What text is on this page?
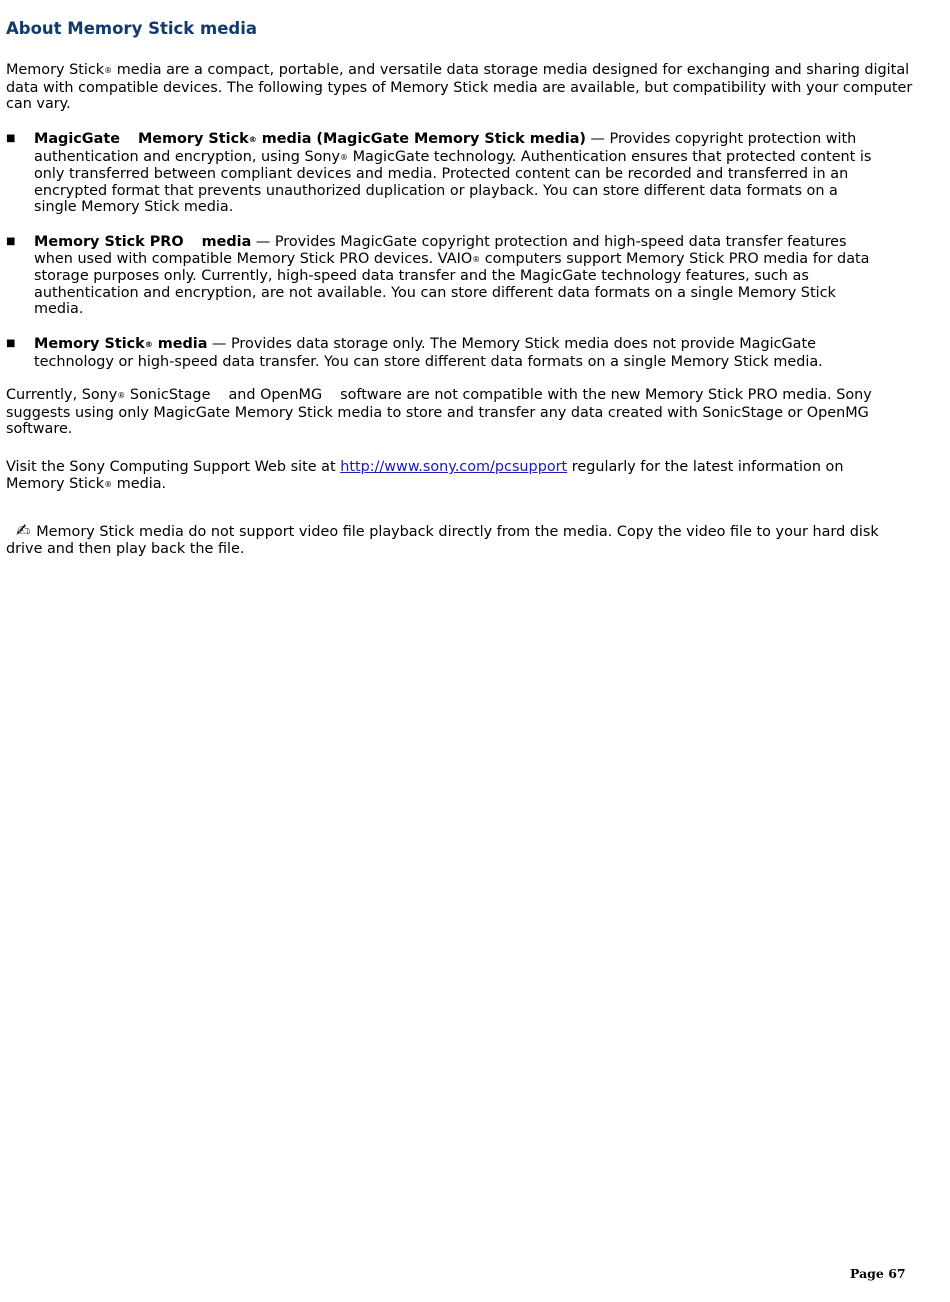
About Memory Stick media

Memory Stick® media are a compact, portable, and versatile data storage media designed for exchanging and sharing digital data with compatible devices. The following types of Memory Stick media are available, but compatibility with your computer can vary.

■ MagicGate Memory Stick® media (MagicGate Memory Stick media) — Provides copyright protection with authentication and encryption, using Sony® MagicGate technology. Authentication ensures that protected content is only transferred between compliant devices and media. Protected content can be recorded and transferred in an encrypted format that prevents unauthorized duplication or playback. You can store different data formats on a single Memory Stick media.
■ Memory Stick PRO media — Provides MagicGate copyright protection and high-speed data transfer features when used with compatible Memory Stick PRO devices. VAIO® computers support Memory Stick PRO media for data storage purposes only. Currently, high-speed data transfer and the MagicGate technology features, such as authentication and encryption, are not available. You can store different data formats on a single Memory Stick media.
■ Memory Stick® media — Provides data storage only. The Memory Stick media does not provide MagicGate technology or high-speed data transfer. You can store different data formats on a single Memory Stick media.

Currently, Sony® SonicStage and OpenMG software are not compatible with the new Memory Stick PRO media. Sony suggests using only MagicGate Memory Stick media to store and transfer any data created with SonicStage or OpenMG software.

Visit the Sony Computing Support Web site at http://www.sony.com/pcsupport regularly for the latest information on Memory Stick® media.

✍ Memory Stick media do not support video file playback directly from the media. Copy the video file to your hard disk drive and then play back the file.

Page 67
